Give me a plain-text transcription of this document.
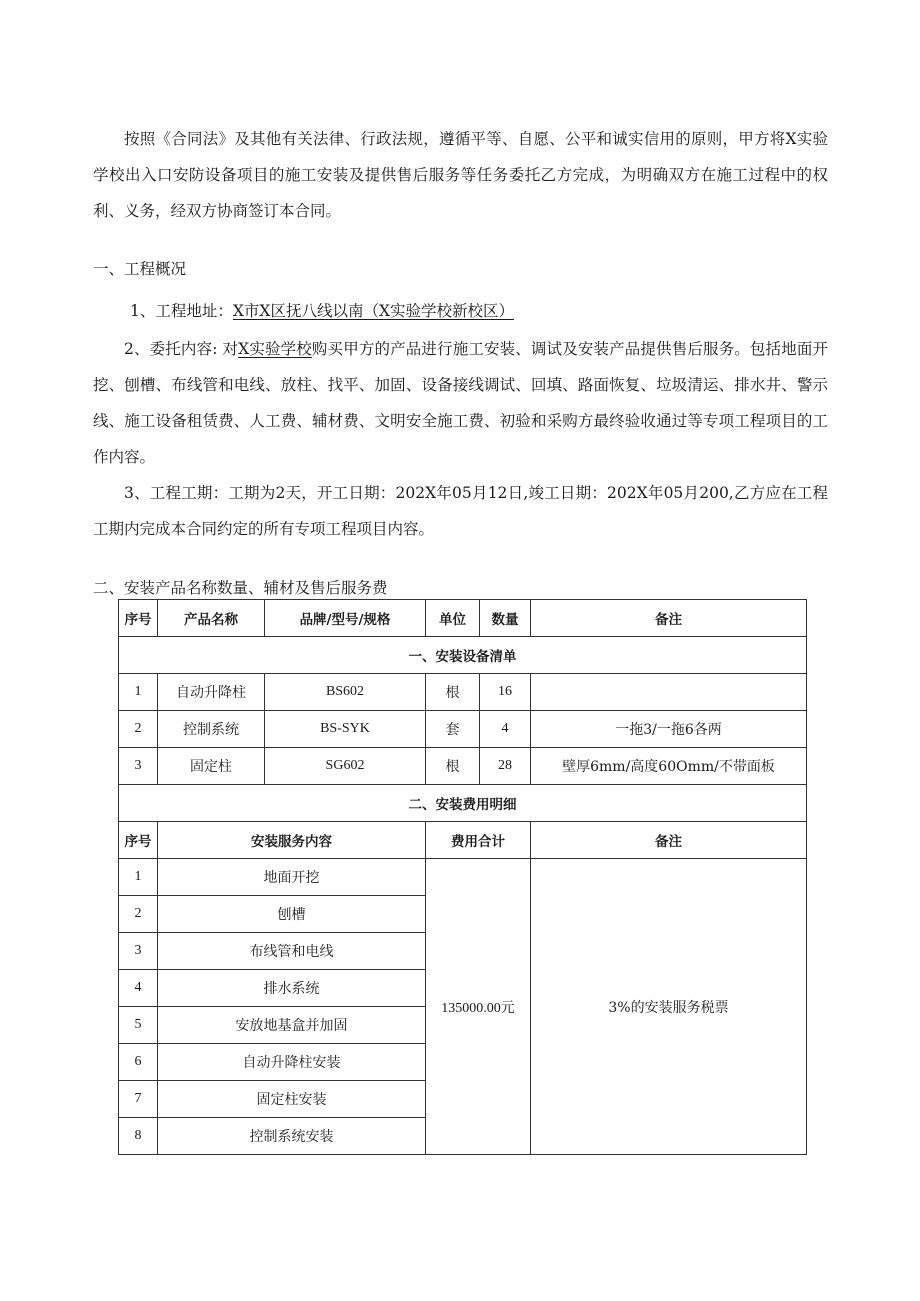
按照《合同法》及其他有关法律、行政法规，遵循平等、自愿、公平和诚实信用的原则，甲方将X实验学校出入口安防设备项目的施工安装及提供售后服务等任务委托乙方完成，为明确双方在施工过程中的权利、义务，经双方协商签订本合同。

一、工程概况

1、工程地址：X市X区抚八线以南（X实验学校新校区）

2、委托内容: 对X实验学校购买甲方的产品进行施工安装、调试及安装产品提供售后服务。包括地面开挖、刨槽、布线管和电线、放柱、找平、加固、设备接线调试、回填、路面恢复、垃圾清运、排水井、警示线、施工设备租赁费、人工费、辅材费、文明安全施工费、初验和采购方最终验收通过等专项工程项目的工作内容。

3、工程工期：工期为2天，开工日期：202X年05月12日,竣工日期：202X年05月200,乙方应在工程工期内完成本合同约定的所有专项工程项目内容。

二、安装产品名称数量、辅材及售后服务费

序号	产品名称	品牌/型号/规格	单位	数量	备注
一、安装设备清单					
1	自动升降柱	BS602	根	16	
2	控制系统	BS-SYK	套	4	一拖3/一拖6各两
3	固定柱	SG602	根	28	壁厚6mm/高度60Omm/不带面板
二、安装费用明细					
序号	安装服务内容		费用合计		备注
1	地面开挖		135000.00元		3%的安装服务税票
2	刨槽				
3	布线管和电线				
4	排水系统				
5	安放地基盒并加固				
6	自动升降柱安装				
7	固定柱安装				
8	控制系统安装				
